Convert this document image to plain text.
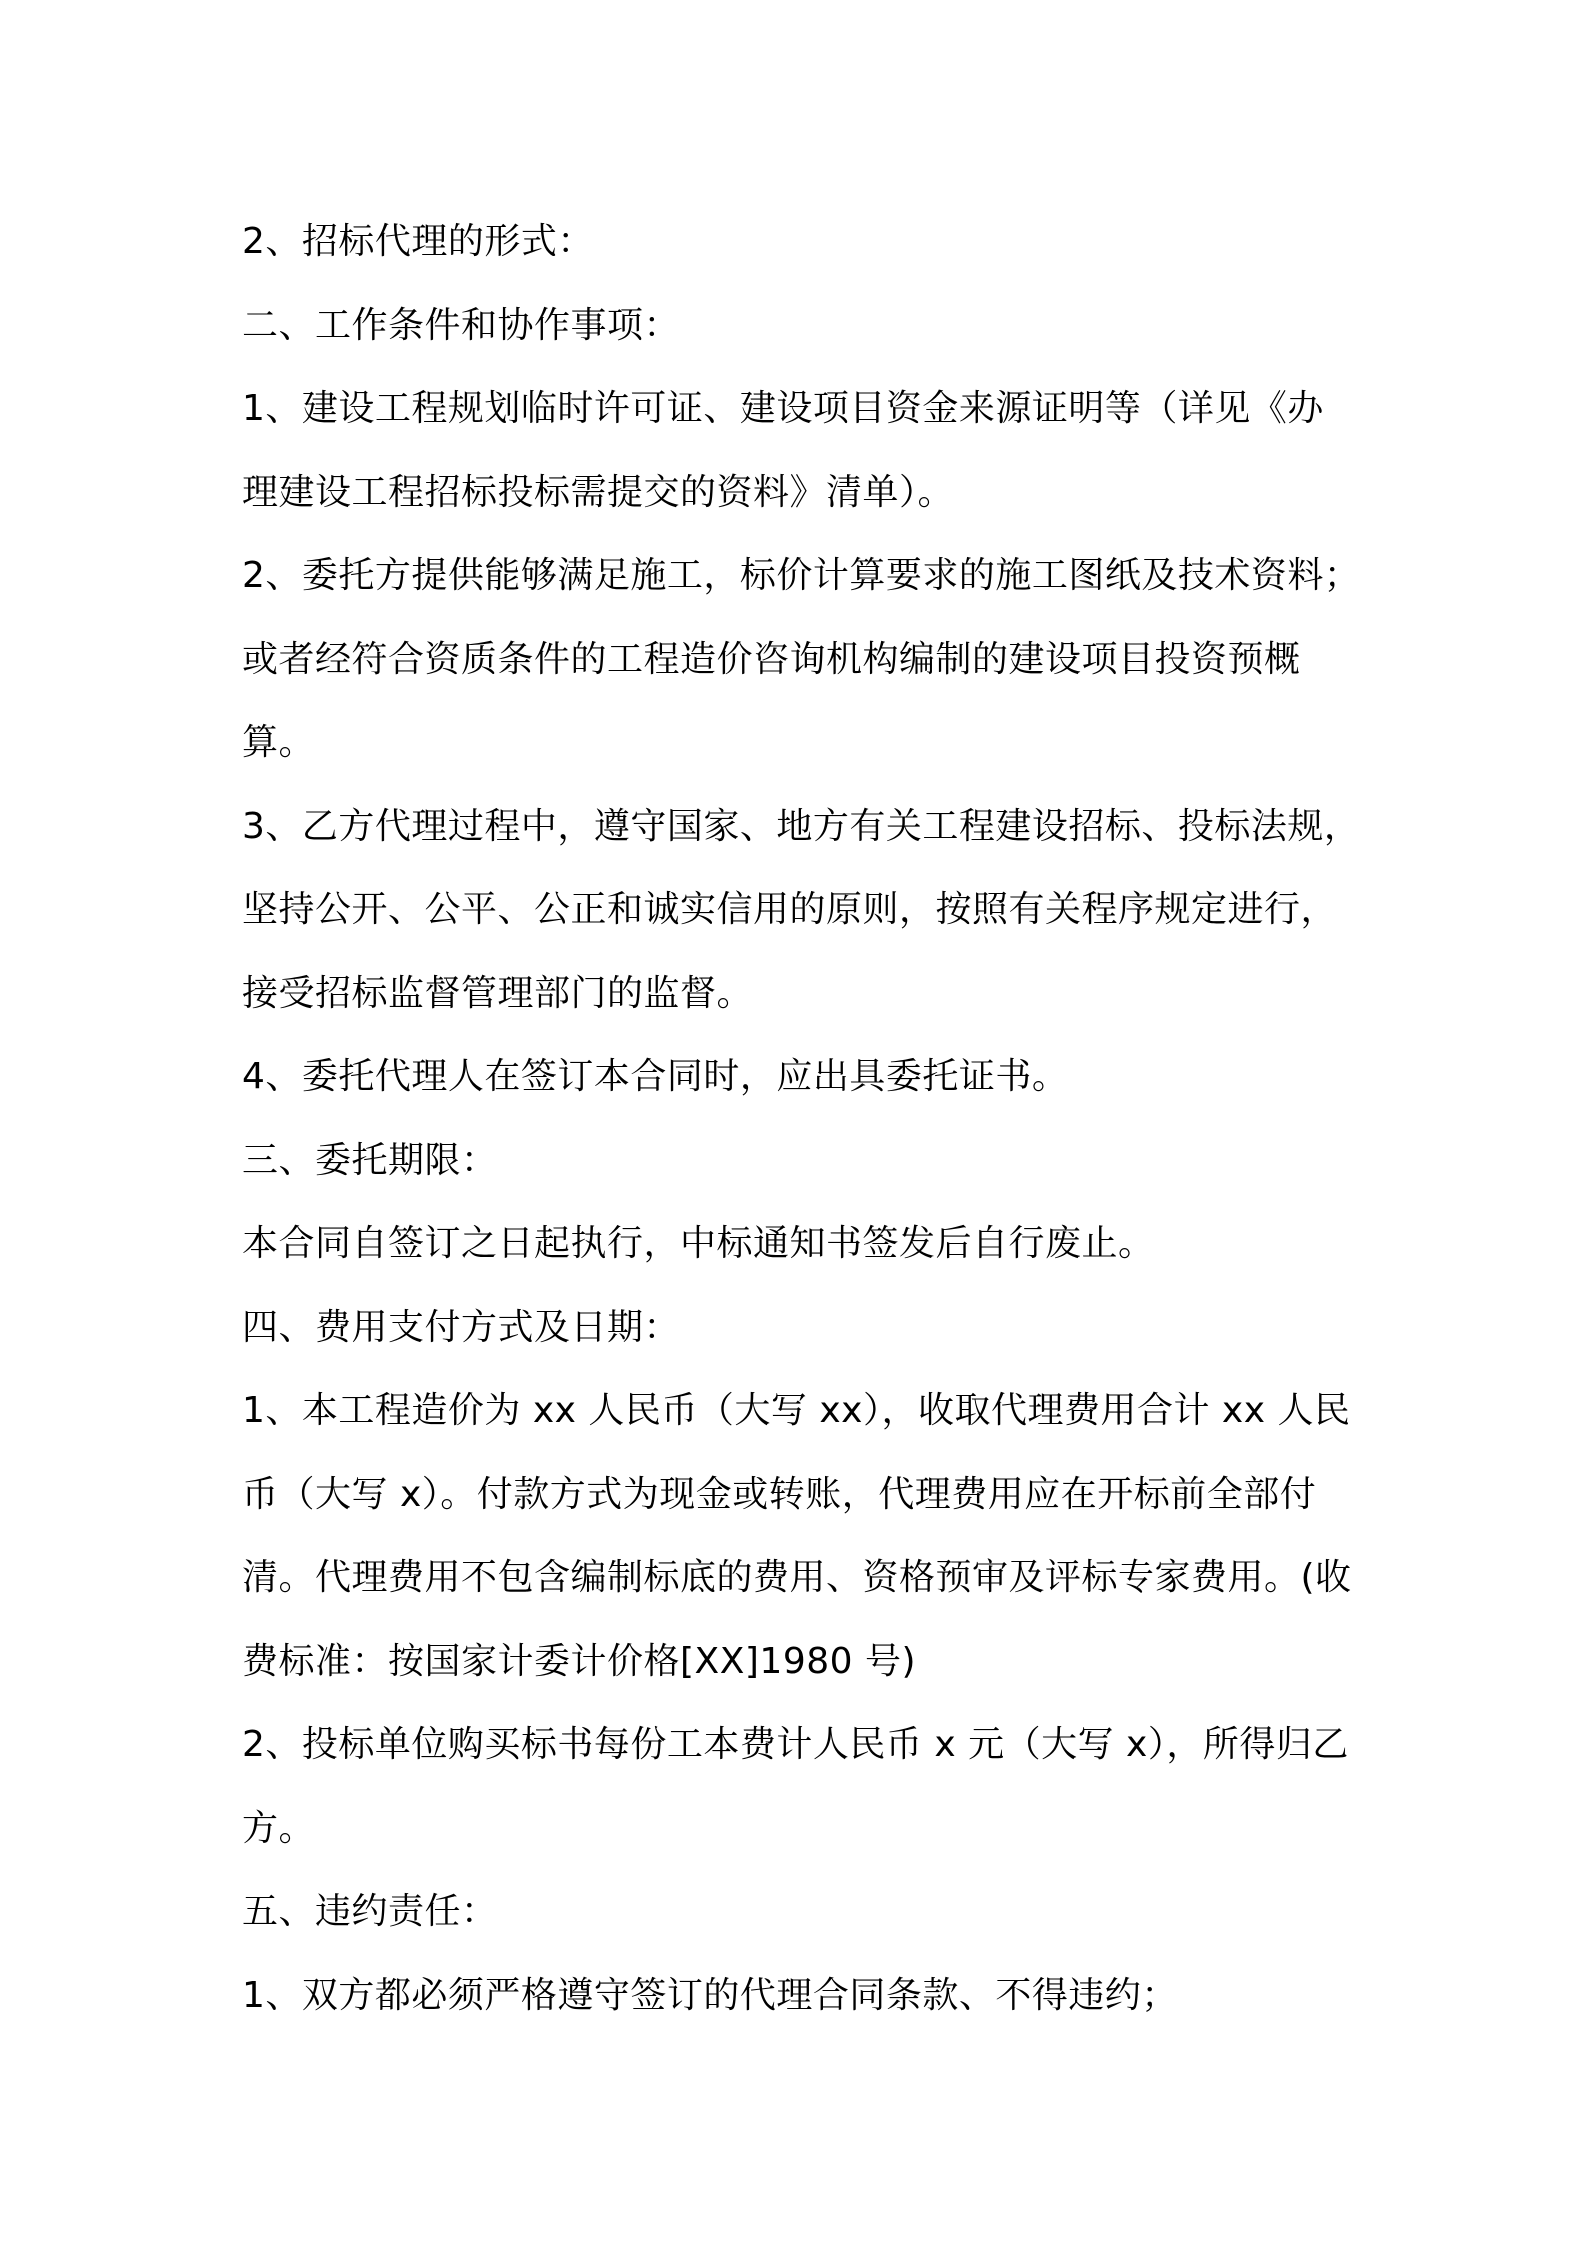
2、招标代理的形式：

二、工作条件和协作事项：

1、建设工程规划临时许可证、建设项目资金来源证明等（详见《办
理建设工程招标投标需提交的资料》清单）。

2、委托方提供能够满足施工，标价计算要求的施工图纸及技术资料；
或者经符合资质条件的工程造价咨询机构编制的建设项目投资预概
算。

3、乙方代理过程中，遵守国家、地方有关工程建设招标、投标法规，
坚持公开、公平、公正和诚实信用的原则，按照有关程序规定进行，
接受招标监督管理部门的监督。

4、委托代理人在签订本合同时，应出具委托证书。

三、委托期限：

本合同自签订之日起执行，中标通知书签发后自行废止。

四、费用支付方式及日期：

1、本工程造价为 xx 人民币（大写 xx），收取代理费用合计 xx 人民
币（大写 x）。付款方式为现金或转账，代理费用应在开标前全部付
清。代理费用不包含编制标底的费用、资格预审及评标专家费用。(收
费标准：按国家计委计价格[XX]1980 号)

2、投标单位购买标书每份工本费计人民币 x 元（大写 x），所得归乙
方。

五、违约责任：

1、双方都必须严格遵守签订的代理合同条款、不得违约；
